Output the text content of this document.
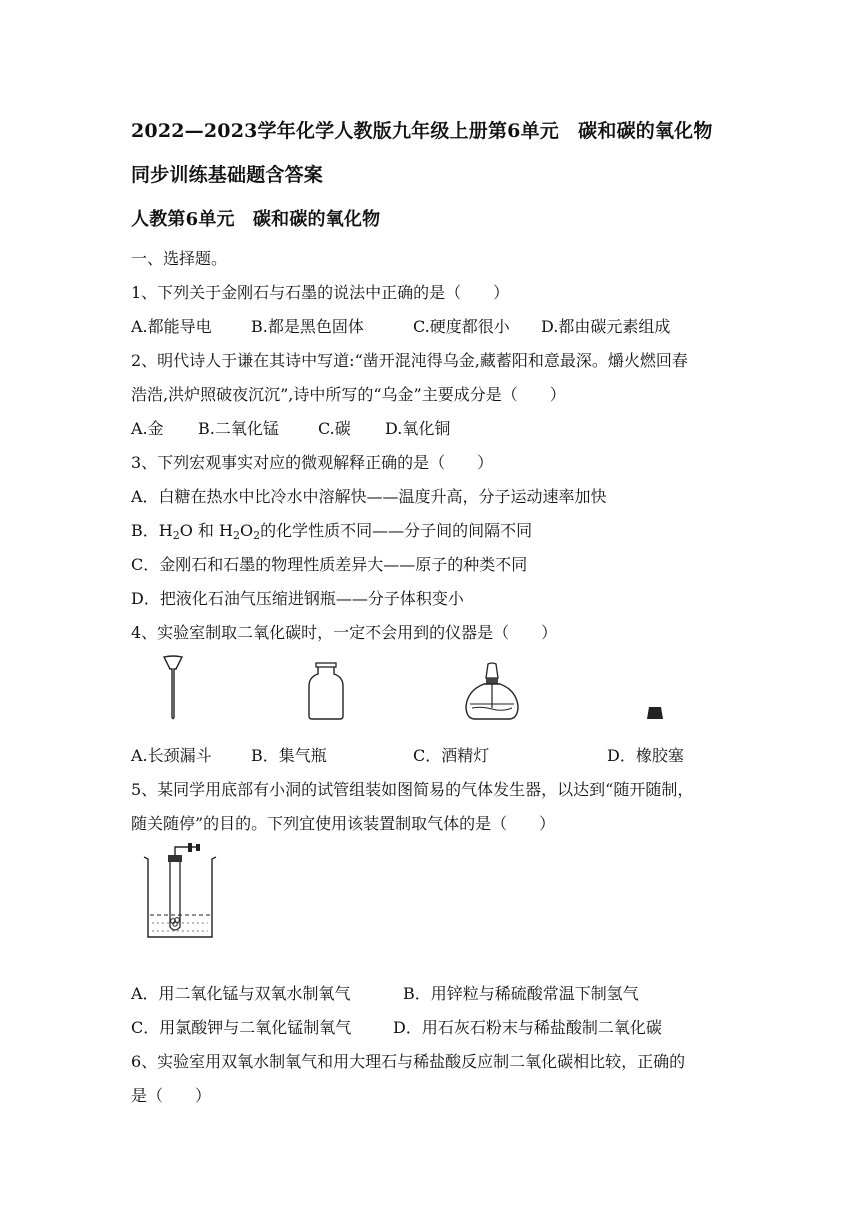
2022—2023学年化学人教版九年级上册第6单元　碳和碳的氧化物
同步训练基础题含答案
人教第6单元　碳和碳的氧化物
一、选择题。
1、下列关于金刚石与石墨的说法中正确的是（　　）
A.都能导电 B.都是黑色固体	C.硬度都很小 D.都由碳元素组成
2、明代诗人于谦在其诗中写道:“凿开混沌得乌金,藏蓄阳和意最深。爝火燃回春
浩浩,洪炉照破夜沉沉”,诗中所写的“乌金”主要成分是（　　）
A.金 B.二氧化锰 C.碳 D.氧化铜
3、下列宏观事实对应的微观解释正确的是（　　）
A．白糖在热水中比冷水中溶解快——温度升高，分子运动速率加快
B．$H_2O$ 和 $H_2O_2$的化学性质不同——分子间的间隔不同
C．金刚石和石墨的物理性质差异大——原子的种类不同
D．把液化石油气压缩进钢瓶——分子体积变小
4、实验室制取二氧化碳时，一定不会用到的仪器是（　　）
A.长颈漏斗 B．集气瓶	C．酒精灯	D．橡胶塞
5、某同学用底部有小洞的试管组装如图简易的气体发生器，以达到“随开随制，
随关随停”的目的。下列宜使用该装置制取气体的是（　　）
A．用二氧化锰与双氧水制氧气	B．用锌粒与稀硫酸常温下制氢气
C．用氯酸钾与二氧化锰制氧气	D．用石灰石粉末与稀盐酸制二氧化碳
6、实验室用双氧水制氧气和用大理石与稀盐酸反应制二氧化碳相比较，正确的
是（　　）
